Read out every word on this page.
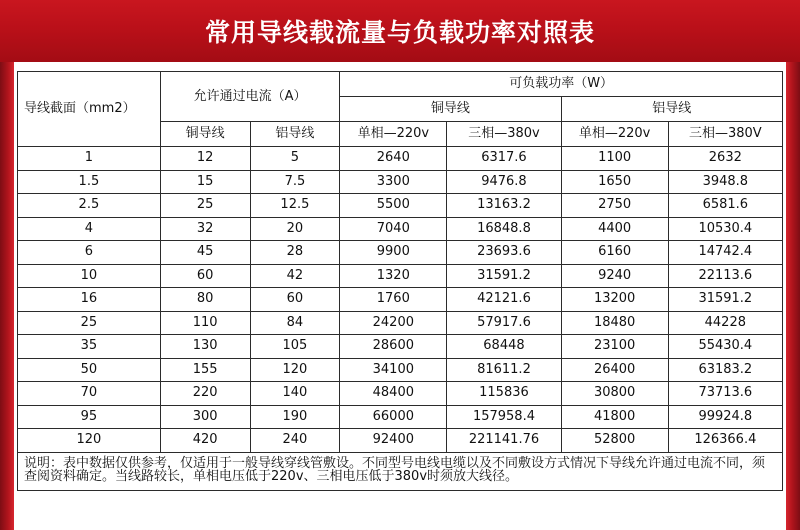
常用导线载流量与负载功率对照表
导线截面（mm2）	允许通过电流（A）		可负载功率（W）			
			铜导线		铝导线	
	铜导线	铝导线	单相—220v	三相—380v	单相—220v	三相—380V
1	12	5	2640	6317.6	1100	2632
1.5	15	7.5	3300	9476.8	1650	3948.8
2.5	25	12.5	5500	13163.2	2750	6581.6
4	32	20	7040	16848.8	4400	10530.4
6	45	28	9900	23693.6	6160	14742.4
10	60	42	1320	31591.2	9240	22113.6
16	80	60	1760	42121.6	13200	31591.2
25	110	84	24200	57917.6	18480	44228
35	130	105	28600	68448	23100	55430.4
50	155	120	34100	81611.2	26400	63183.2
70	220	140	48400	115836	30800	73713.6
95	300	190	66000	157958.4	41800	99924.8
120	420	240	92400	221141.76	52800	126366.4
说明：表中数据仅供参考，仅适用于一般导线穿线管敷设。不同型号电线电缆以及不同敷设方式情况下导线允许通过电流不同，须查阅资料确定。当线路较长，单相电压低于220v、三相电压低于380v时须放大线径。						
